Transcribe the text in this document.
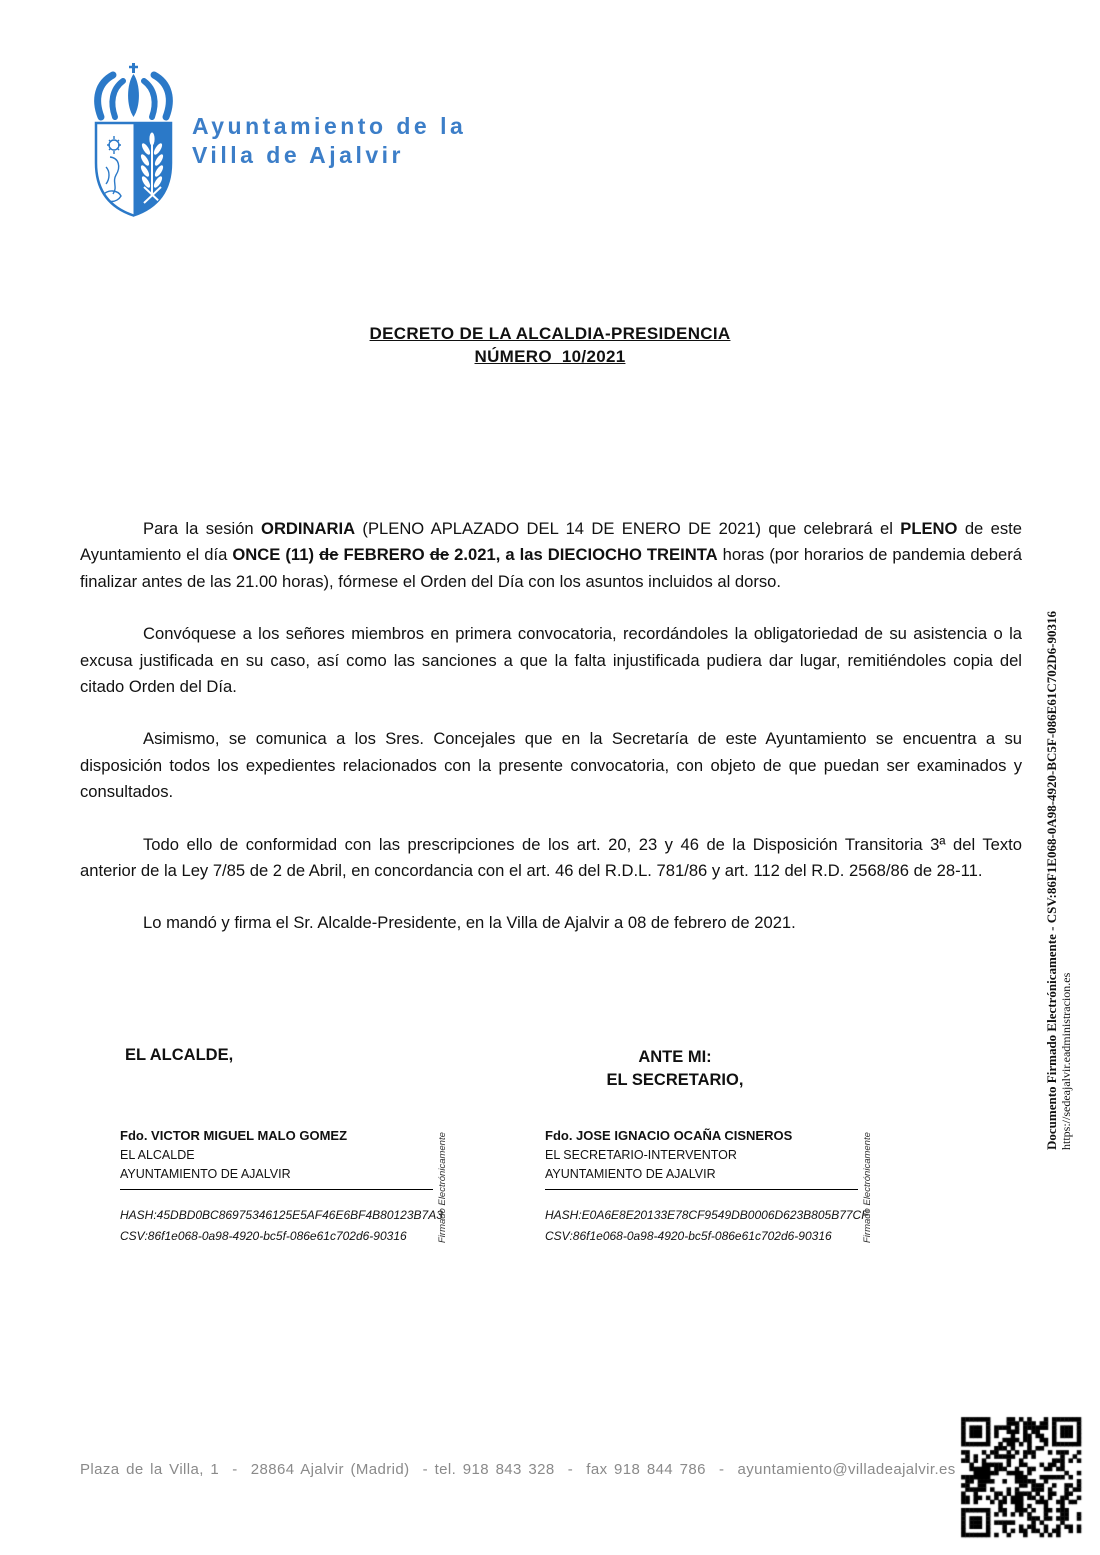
Ayuntamiento de la
Villa de Ajalvir
DECRETO DE LA ALCALDIA-PRESIDENCIA
NÚMERO  10/2021

Para la sesión ORDINARIA (PLENO APLAZADO DEL 14 DE ENERO DE 2021) que celebrará el PLENO de este Ayuntamiento el día ONCE (11) de FEBRERO de 2.021, a las DIECIOCHO TREINTA horas (por horarios de pandemia deberá finalizar antes de las 21.00 horas), fórmese el Orden del Día con los asuntos incluidos al dorso.

Convóquese a los señores miembros en primera convocatoria, recordándoles la obligatoriedad de su asistencia o la excusa justificada en su caso, así como las sanciones a que la falta injustificada pudiera dar lugar, remitiéndoles copia del citado Orden del Día.

Asimismo, se comunica a los Sres. Concejales que en la Secretaría de este Ayuntamiento se encuentra a su disposición todos los expedientes relacionados con la presente convocatoria, con objeto de que puedan ser examinados y consultados.

Todo ello de conformidad con las prescripciones de los art. 20, 23 y 46 de la Disposición Transitoria 3ª del Texto anterior de la Ley 7/85 de 2 de Abril, en concordancia con el art. 46 del R.D.L. 781/86 y art. 112 del R.D. 2568/86 de 28-11.

Lo mandó y firma el Sr. Alcalde-Presidente, en la Villa de Ajalvir a 08 de febrero de 2021.

EL ALCALDE,	ANTE MI:
EL SECRETARIO,
Fdo. VICTOR MIGUEL MALO GOMEZ
EL ALCALDE
AYUNTAMIENTO DE AJALVIR
HASH:45DBD0BC86975346125E5AF46E6BF4B80123B7A3
CSV:86f1e068-0a98-4920-bc5f-086e61c702d6-90316
Fdo. JOSE IGNACIO OCAÑA CISNEROS
EL SECRETARIO-INTERVENTOR
AYUNTAMIENTO DE AJALVIR
HASH:E0A6E8E20133E78CF9549DB0006D623B805B77CF
CSV:86f1e068-0a98-4920-bc5f-086e61c702d6-90316
Firmado Electrónicamente	Firmado Electrónicamente
Documento Firmado Electrónicamente - CSV:86F1E068-0A98-4920-BC5F-086E61C702D6-90316 https://sedeajalvir.eadministracion.es
Plaza de la Villa, 1  -  28864 Ajalvir (Madrid)  - tel. 918 843 328  -  fax 918 844 786  -  ayuntamiento@villadeajalvir.es
